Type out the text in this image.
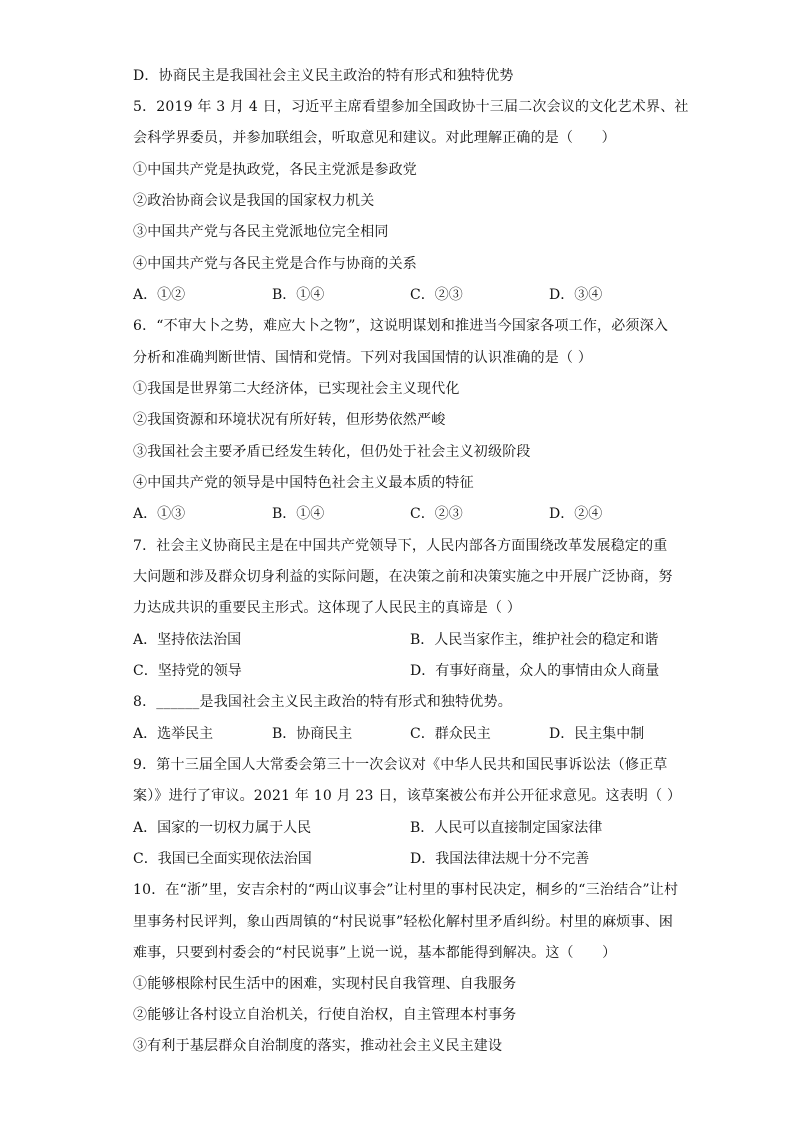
D．协商民主是我国社会主义民主政治的特有形式和独特优势
5．2019 年 3 月 4 日，习近平主席看望参加全国政协十三届二次会议的文化艺术界、社
会科学界委员，并参加联组会，听取意见和建议。对此理解正确的是（　　）
①中国共产党是执政党，各民主党派是参政党
②政治协商会议是我国的国家权力机关
③中国共产党与各民主党派地位完全相同
④中国共产党与各民主党是合作与协商的关系
A．①②	B．①④	C．②③	D．③④
6．“不审大卜之势，难应大卜之物”，这说明谋划和推进当今国家各项工作，必须深入
分析和准确判断世情、国情和党情。下列对我国国情的认识准确的是（ ）
①我国是世界第二大经济体，已实现社会主义现代化
②我国资源和环境状况有所好转，但形势依然严峻
③我国社会主要矛盾已经发生转化，但仍处于社会主义初级阶段
④中国共产党的领导是中国特色社会主义最本质的特征
A．①③	B．①④	C．②③	D．②④
7．社会主义协商民主是在中国共产党领导下，人民内部各方面围绕改革发展稳定的重
大问题和涉及群众切身利益的实际问题，在决策之前和决策实施之中开展广泛协商，努
力达成共识的重要民主形式。这体现了人民民主的真谛是（ ）
A．坚持依法治国	B．人民当家作主，维护社会的稳定和谐
C．坚持党的领导	D．有事好商量，众人的事情由众人商量
8．______是我国社会主义民主政治的特有形式和独特优势。
A．选举民主	B．协商民主	C．群众民主	D．民主集中制
9．第十三届全国人大常委会第三十一次会议对《中华人民共和国民事诉讼法（修正草
案）》进行了审议。2021 年 10 月 23 日，该草案被公布并公开征求意见。这表明（ ）
A．国家的一切权力属于人民	B．人民可以直接制定国家法律
C．我国已全面实现依法治国	D．我国法律法规十分不完善
10．在“浙”里，安吉余村的“两山议事会”让村里的事村民决定，桐乡的“三治结合”让村
里事务村民评判，象山西周镇的“村民说事”轻松化解村里矛盾纠纷。村里的麻烦事、困
难事，只要到村委会的“村民说事”上说一说，基本都能得到解决。这（　　）
①能够根除村民生活中的困难，实现村民自我管理、自我服务
②能够让各村设立自治机关，行使自治权，自主管理本村事务
③有利于基层群众自治制度的落实，推动社会主义民主建设
